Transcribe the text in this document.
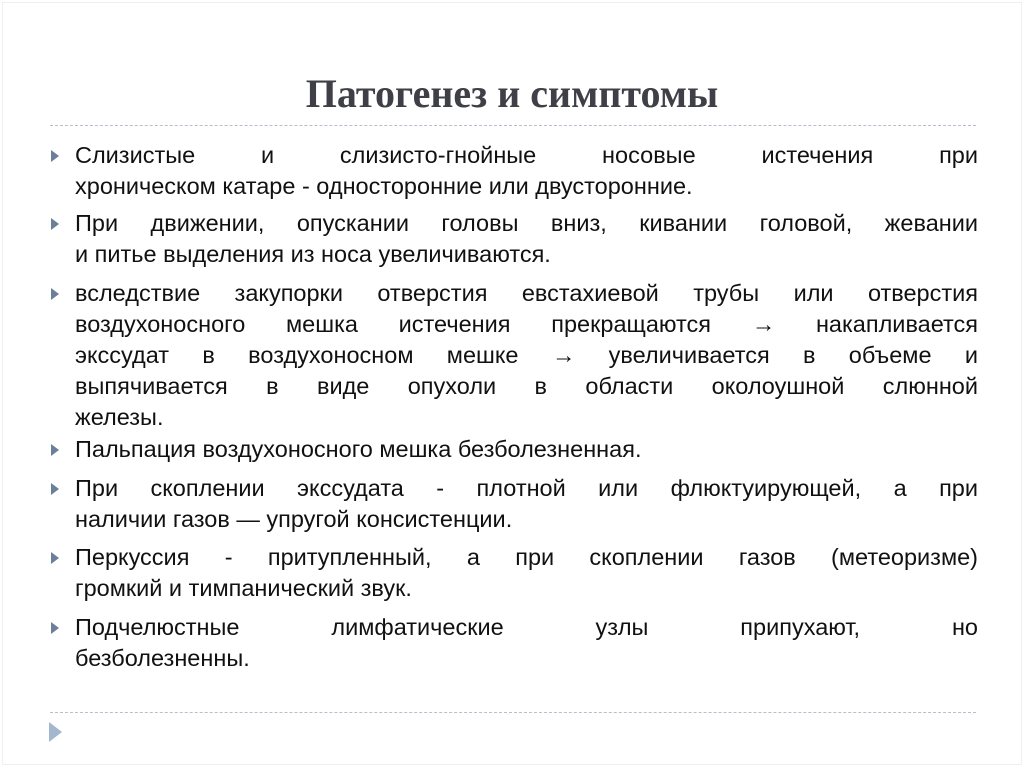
Патогенез и симптомы
Слизистые и слизисто-гнойные носовые истечения при
хроническом катаре - односторонние или двусторонние.
При движении, опускании головы вниз, кивании головой, жевании
и питье выделения из носа увеличиваются.
вследствие закупорки отверстия евстахиевой трубы или отверстия
воздухоносного мешка истечения прекращаются → накапливается
экссудат в воздухоносном мешке → увеличивается в объеме и
выпячивается в виде опухоли в области околоушной слюнной
железы.
Пальпация воздухоносного мешка безболезненная.
При скоплении экссудата - плотной или флюктуирующей, а при
наличии газов — упругой консистенции.
Перкуссия - притупленный, а при скоплении газов (метеоризме)
громкий и тимпанический звук.
Подчелюстные лимфатические узлы припухают, но
безболезненны.
